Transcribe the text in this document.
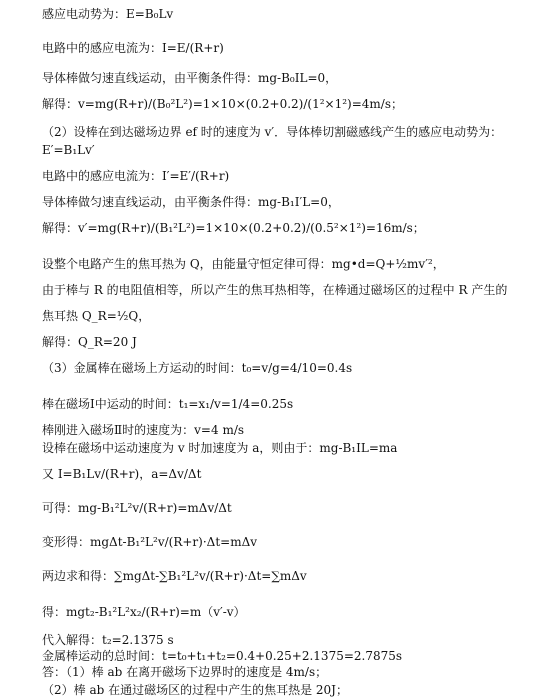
感应电动势为：E=B₀Lv
电路中的感应电流为：I=E/(R+r)
导体棒做匀速直线运动，由平衡条件得：mg-B₀IL=0，
解得：v=mg(R+r)/(B₀²L²)=1×10×(0.2+0.2)/(1²×1²)=4m/s；
（2）设棒在到达磁场边界 ef 时的速度为 v′．导体棒切割磁感线产生的感应电动势为：
E′=B₁Lv′
电路中的感应电流为：I′=E′/(R+r)
导体棒做匀速直线运动，由平衡条件得：mg-B₁I′L=0，
解得：v′=mg(R+r)/(B₁²L²)=1×10×(0.2+0.2)/(0.5²×1²)=16m/s；
设整个电路产生的焦耳热为 Q，由能量守恒定律可得：mg•d=Q+½mv′²，
由于棒与 R 的电阻值相等，所以产生的焦耳热相等，在棒通过磁场区的过程中 R 产生的
焦耳热 Q_R=½Q，
解得：Q_R=20 J
（3）金属棒在磁场上方运动的时间：t₀=v/g=4/10=0.4s
棒在磁场Ⅰ中运动的时间：t₁=x₁/v=1/4=0.25s
棒刚进入磁场Ⅱ时的速度为：v=4 m/s
设棒在磁场中运动速度为 v 时加速度为 a，则由于：mg-B₁IL=ma
又 I=B₁Lv/(R+r)，a=Δv/Δt
可得：mg-B₁²L²v/(R+r)=mΔv/Δt
变形得：mgΔt-B₁²L²v/(R+r)·Δt=mΔv
两边求和得：∑mgΔt-∑B₁²L²v/(R+r)·Δt=∑mΔv
得：mgt₂-B₁²L²x₂/(R+r)=m（v′-v）
代入解得：t₂=2.1375 s
金属棒运动的总时间：t=t₀+t₁+t₂=0.4+0.25+2.1375=2.7875s
答：（1）棒 ab 在离开磁场下边界时的速度是 4m/s；
（2）棒 ab 在通过磁场区的过程中产生的焦耳热是 20J；
